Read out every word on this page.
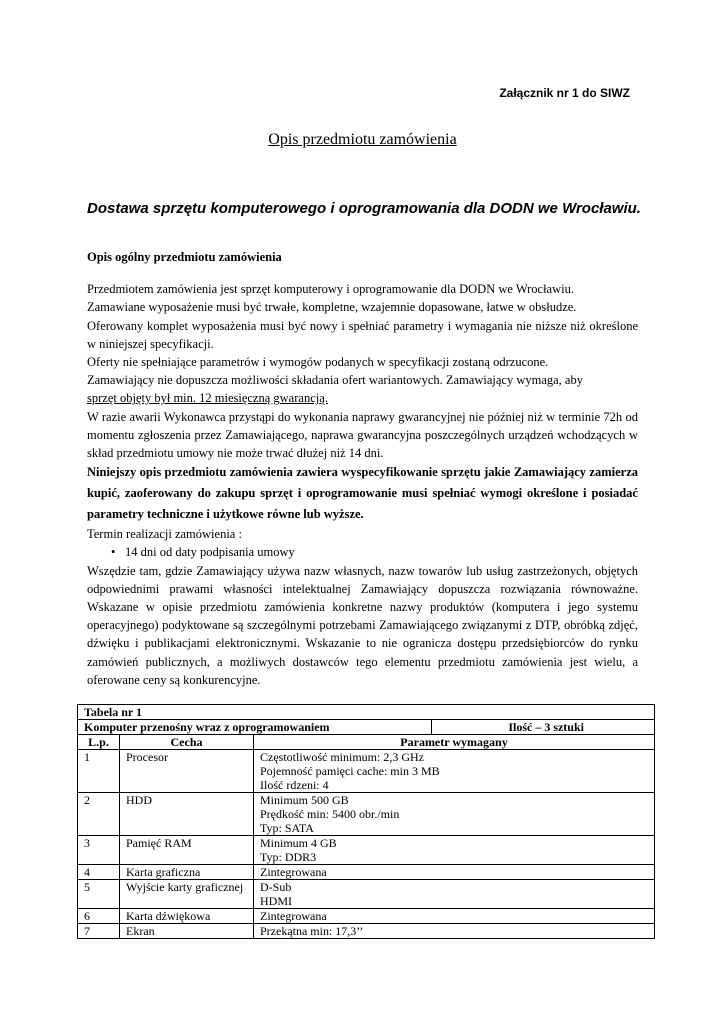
Załącznik nr 1 do SIWZ
Opis przedmiotu zamówienia
Dostawa sprzętu komputerowego i oprogramowania dla DODN we Wrocławiu.

Opis ogólny przedmiotu zamówienia

Przedmiotem zamówienia jest sprzęt komputerowy i oprogramowanie dla DODN we Wrocławiu.

Zamawiane wyposażenie musi być trwałe, kompletne, wzajemnie dopasowane, łatwe w obsłudze.

Oferowany komplet wyposażenia musi być nowy i spełniać parametry i wymagania nie niższe niż określone w niniejszej specyfikacji.

Oferty nie spełniające parametrów i wymogów podanych w specyfikacji zostaną odrzucone.

Zamawiający nie dopuszcza możliwości składania ofert wariantowych. Zamawiający wymaga, aby
sprzęt objęty był min. 12 miesięczną gwarancją.

W razie awarii Wykonawca przystąpi do wykonania naprawy gwarancyjnej nie później niż w terminie 72h od momentu zgłoszenia przez Zamawiającego, naprawa gwarancyjna poszczególnych urządzeń wchodzących w skład przedmiotu umowy nie może trwać dłużej niż 14 dni.

Niniejszy opis przedmiotu zamówienia zawiera wyspecyfikowanie sprzętu jakie Zamawiający zamierza kupić, zaoferowany do zakupu sprzęt i oprogramowanie musi spełniać wymogi określone i posiadać parametry techniczne i użytkowe równe lub wyższe.

Termin realizacji zamówienia :

• 14 dni od daty podpisania umowy

Wszędzie tam, gdzie Zamawiający używa nazw własnych, nazw towarów lub usług zastrzeżonych, objętych odpowiednimi prawami własności intelektualnej Zamawiający dopuszcza rozwiązania równoważne. Wskazane w opisie przedmiotu zamówienia konkretne nazwy produktów (komputera i jego systemu operacyjnego) podyktowane są szczególnymi potrzebami Zamawiającego związanymi z DTP, obróbką zdjęć, dźwięku i publikacjami elektronicznymi. Wskazanie to nie ogranicza dostępu przedsiębiorców do rynku zamówień publicznych, a możliwych dostawców tego elementu przedmiotu zamówienia jest wielu, a oferowane ceny są konkurencyjne.

Tabela nr 1			
Komputer przenośny wraz z oprogramowaniem			Ilość – 3 sztuki
L.p.	Cecha	Parametr wymagany	
1	Procesor	Częstotliwość minimum: 2,3 GHz
Pojemność pamięci cache: min 3 MB
Ilość rdzeni: 4	

2	HDD	Minimum 500 GB
Prędkość min: 5400 obr./min
Typ: SATA	

3	Pamięć RAM	Minimum 4 GB
Typ: DDR3	

4	Karta graficzna	Zintegrowana	

5	Wyjście karty graficznej	D-Sub
HDMI	

6	Karta dźwiękowa	Zintegrowana	

7	Ekran	Przekątna min: 17,3’’	
